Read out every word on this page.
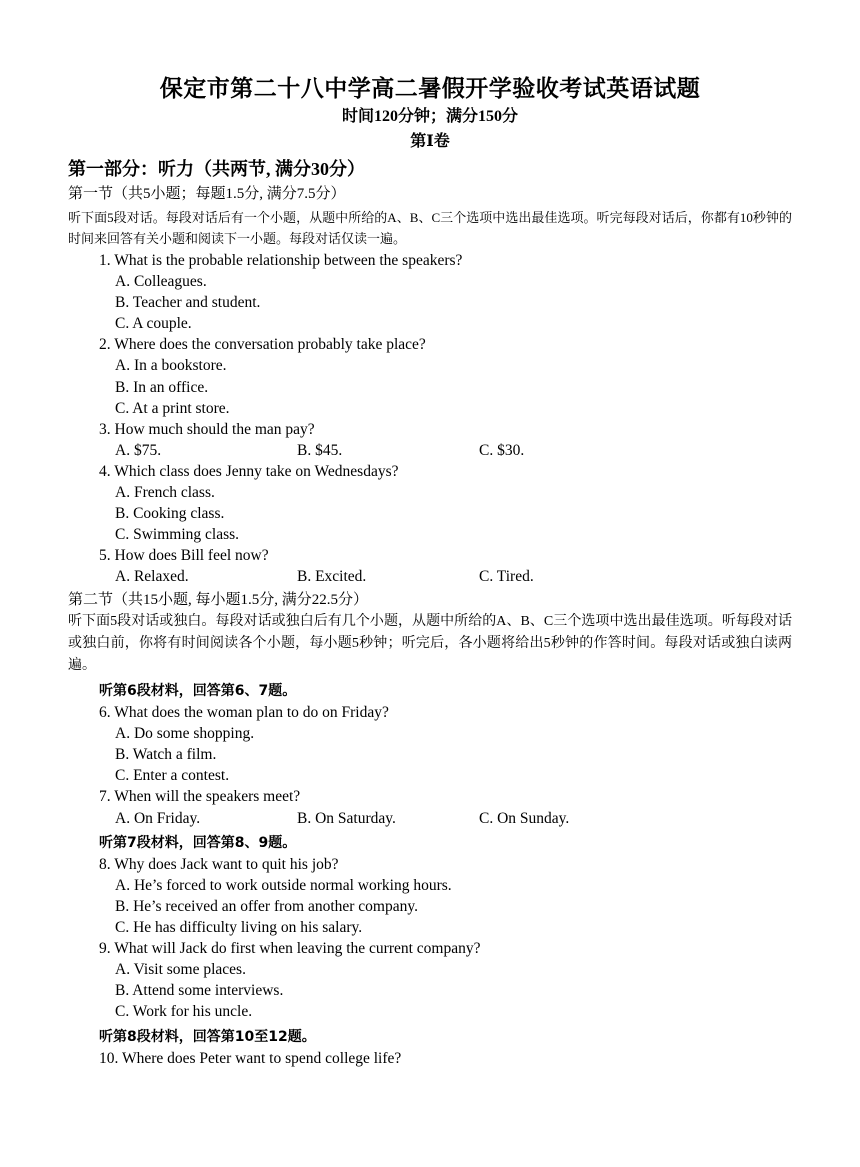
保定市第二十八中学高二暑假开学验收考试英语试题
时间120分钟；满分150分
第Ⅰ卷
第一部分：听力（共两节, 满分30分）
第一节（共5小题；每题1.5分, 满分7.5分）
听下面5段对话。每段对话后有一个小题，从题中所给的A、B、C三个选项中选出最佳选项。听完每段对话后，你都有10秒钟的时间来回答有关小题和阅读下一小题。每段对话仅读一遍。
1. What is the probable relationship between the speakers?
A. Colleagues.
B. Teacher and student.
C. A couple.
2. Where does the conversation probably take place?
A. In a bookstore.
B. In an office.
C. At a print store.
3. How much should the man pay?
A. $75.	B. $45.	C. $30.
4. Which class does Jenny take on Wednesdays?
A. French class.
B. Cooking class.
C. Swimming class.
5. How does Bill feel now?
A. Relaxed.	B. Excited.	C. Tired.
第二节（共15小题, 每小题1.5分, 满分22.5分）
听下面5段对话或独白。每段对话或独白后有几个小题，从题中所给的A、B、C三个选项中选出最佳选项。听每段对话或独白前，你将有时间阅读各个小题，每小题5秒钟；听完后，各小题将给出5秒钟的作答时间。每段对话或独白读两遍。
听第6段材料，回答第6、7题。
6. What does the woman plan to do on Friday?
A. Do some shopping.
B. Watch a film.
C. Enter a contest.
7. When will the speakers meet?
A. On Friday.	B. On Saturday.	C. On Sunday.
听第7段材料，回答第8、9题。
8. Why does Jack want to quit his job?
A. He’s forced to work outside normal working hours.
B. He’s received an offer from another company.
C. He has difficulty living on his salary.
9. What will Jack do first when leaving the current company?
A. Visit some places.
B. Attend some interviews.
C. Work for his uncle.
听第8段材料，回答第10至12题。
10. Where does Peter want to spend college life?
